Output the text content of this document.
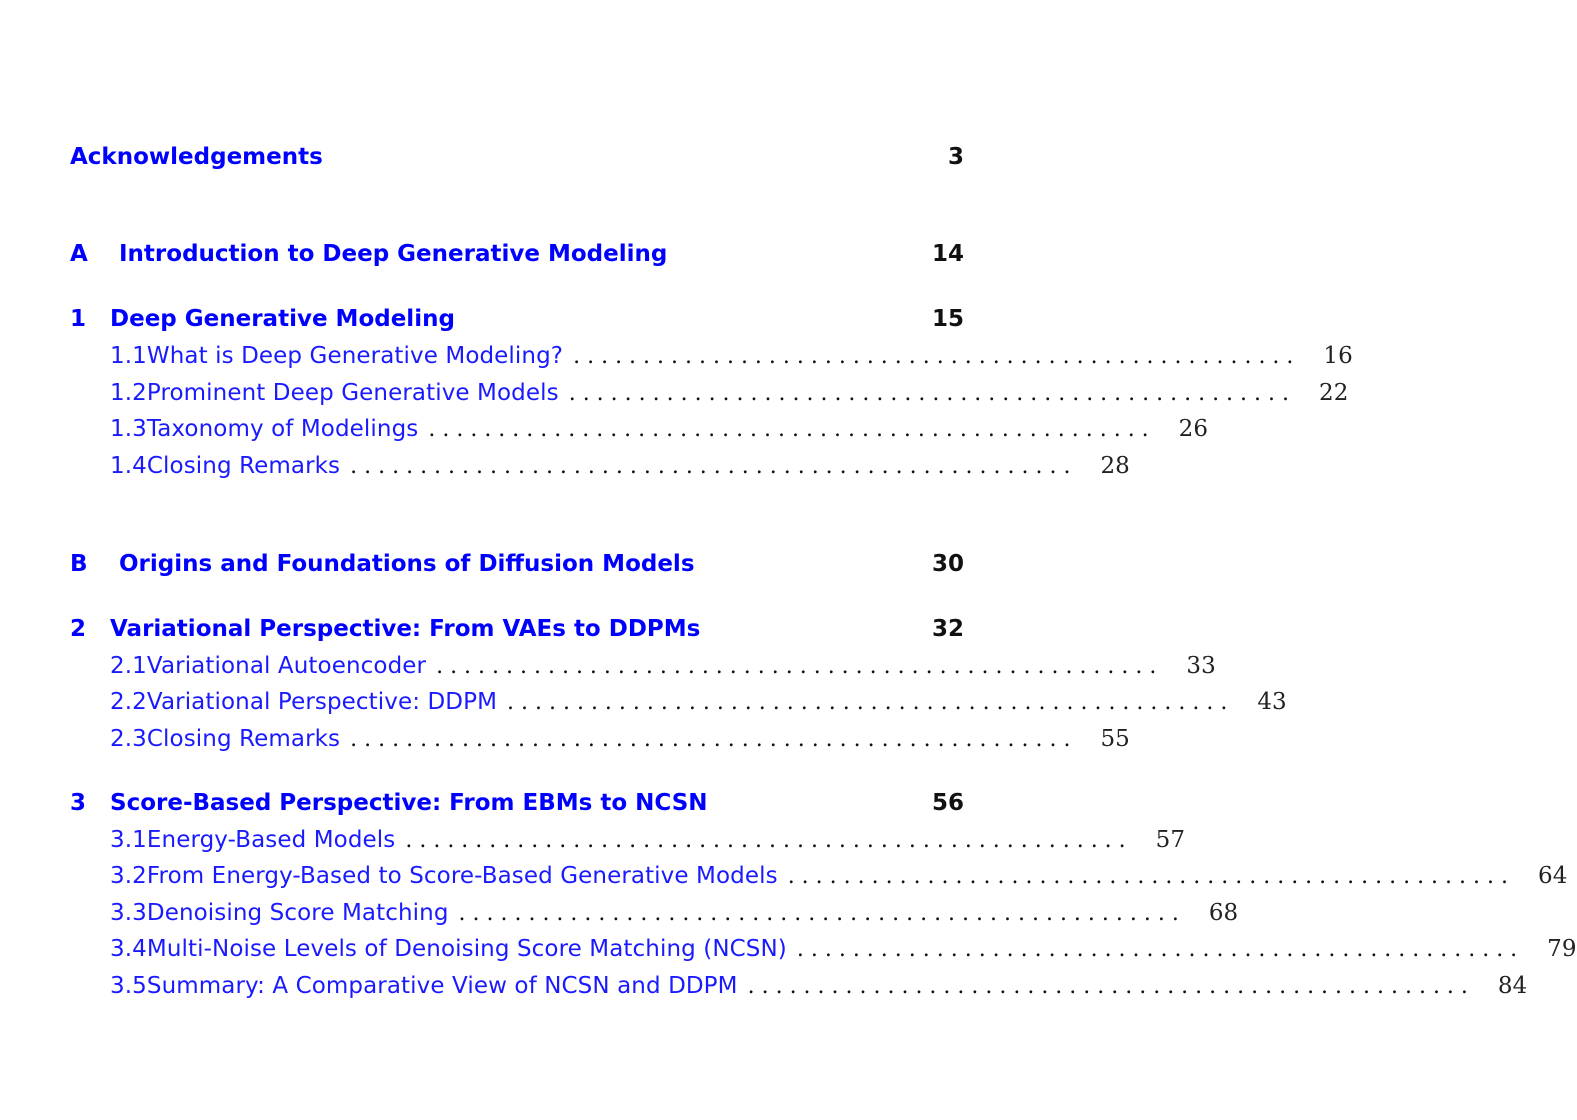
Acknowledgements	3
A	Introduction to Deep Generative Modeling	14
1	Deep Generative Modeling	15
1.1 What is Deep Generative Modeling? . . . . . . . . . . . . . . . . . . . . . . . . . . . . . . . . . . . . . . . . . . . . . . . . . . . . 16
1.2 Prominent Deep Generative Models . . . . . . . . . . . . . . . . . . . . . . . . . . . . . . . . . . . . . . . . . . . . . . . . . . . . 22
1.3 Taxonomy of Modelings . . . . . . . . . . . . . . . . . . . . . . . . . . . . . . . . . . . . . . . . . . . . . . . . . . . . 26
1.4 Closing Remarks . . . . . . . . . . . . . . . . . . . . . . . . . . . . . . . . . . . . . . . . . . . . . . . . . . . . 28
B	Origins and Foundations of Diffusion Models	30
2	Variational Perspective: From VAEs to DDPMs	32
2.1 Variational Autoencoder . . . . . . . . . . . . . . . . . . . . . . . . . . . . . . . . . . . . . . . . . . . . . . . . . . . . 33
2.2 Variational Perspective: DDPM . . . . . . . . . . . . . . . . . . . . . . . . . . . . . . . . . . . . . . . . . . . . . . . . . . . . 43
2.3 Closing Remarks . . . . . . . . . . . . . . . . . . . . . . . . . . . . . . . . . . . . . . . . . . . . . . . . . . . . 55
3	Score-Based Perspective: From EBMs to NCSN	56
3.1 Energy-Based Models . . . . . . . . . . . . . . . . . . . . . . . . . . . . . . . . . . . . . . . . . . . . . . . . . . . . 57
3.2 From Energy-Based to Score-Based Generative Models . . . . . . . . . . . . . . . . . . . . . . . . . . . . . . . . . . . . . . . . . . . . . . . . . . . . 64
3.3 Denoising Score Matching . . . . . . . . . . . . . . . . . . . . . . . . . . . . . . . . . . . . . . . . . . . . . . . . . . . . 68
3.4 Multi-Noise Levels of Denoising Score Matching (NCSN) . . . . . . . . . . . . . . . . . . . . . . . . . . . . . . . . . . . . . . . . . . . . . . . . . . . . 79
3.5 Summary: A Comparative View of NCSN and DDPM . . . . . . . . . . . . . . . . . . . . . . . . . . . . . . . . . . . . . . . . . . . . . . . . . . . . 84
